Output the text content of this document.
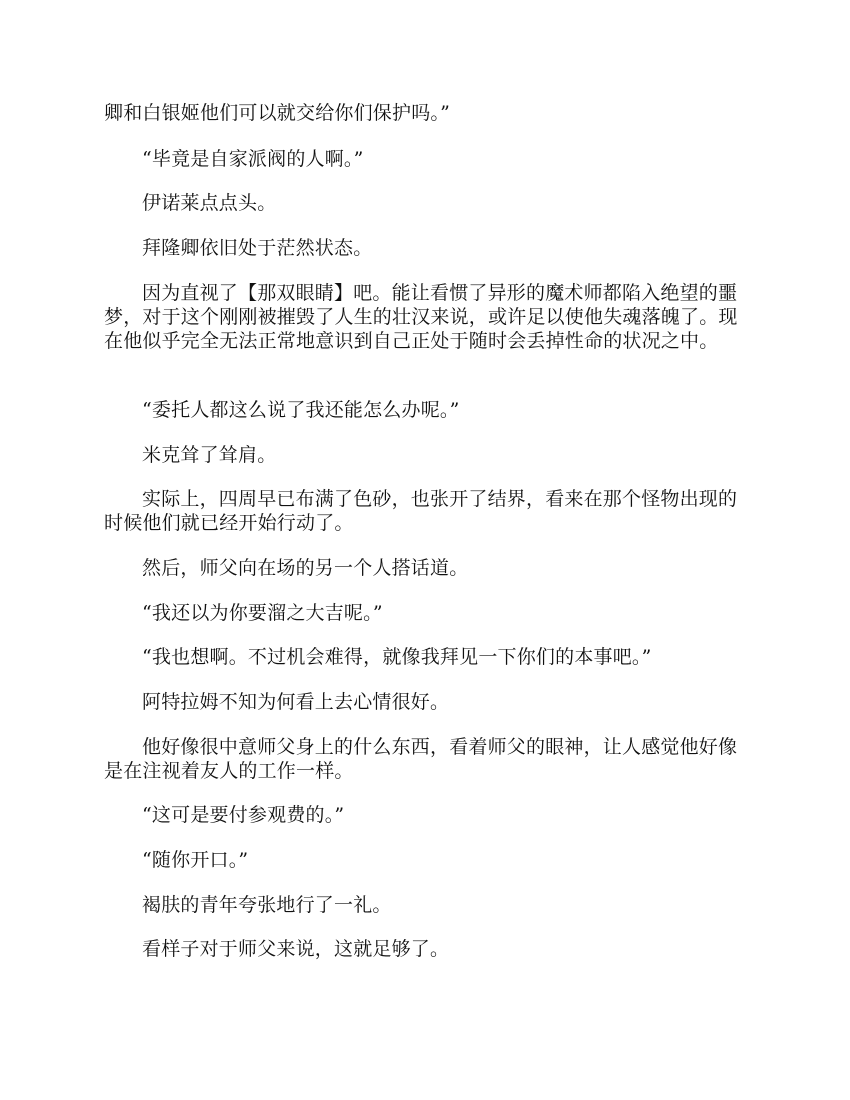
卿和白银姬他们可以就交给你们保护吗。”

“毕竟是自家派阀的人啊。”

伊诺莱点点头。

拜隆卿依旧处于茫然状态。

因为直视了【那双眼睛】吧。能让看惯了异形的魔术师都陷入绝望的噩梦，对于这个刚刚被摧毁了人生的壮汉来说，或许足以使他失魂落魄了。现在他似乎完全无法正常地意识到自己正处于随时会丢掉性命的状况之中。

“委托人都这么说了我还能怎么办呢。”

米克耸了耸肩。

实际上，四周早已布满了色砂，也张开了结界，看来在那个怪物出现的时候他们就已经开始行动了。

然后，师父向在场的另一个人搭话道。

“我还以为你要溜之大吉呢。”

“我也想啊。不过机会难得，就像我拜见一下你们的本事吧。”

阿特拉姆不知为何看上去心情很好。

他好像很中意师父身上的什么东西，看着师父的眼神，让人感觉他好像是在注视着友人的工作一样。

“这可是要付参观费的。”

“随你开口。”

褐肤的青年夸张地行了一礼。

看样子对于师父来说，这就足够了。
